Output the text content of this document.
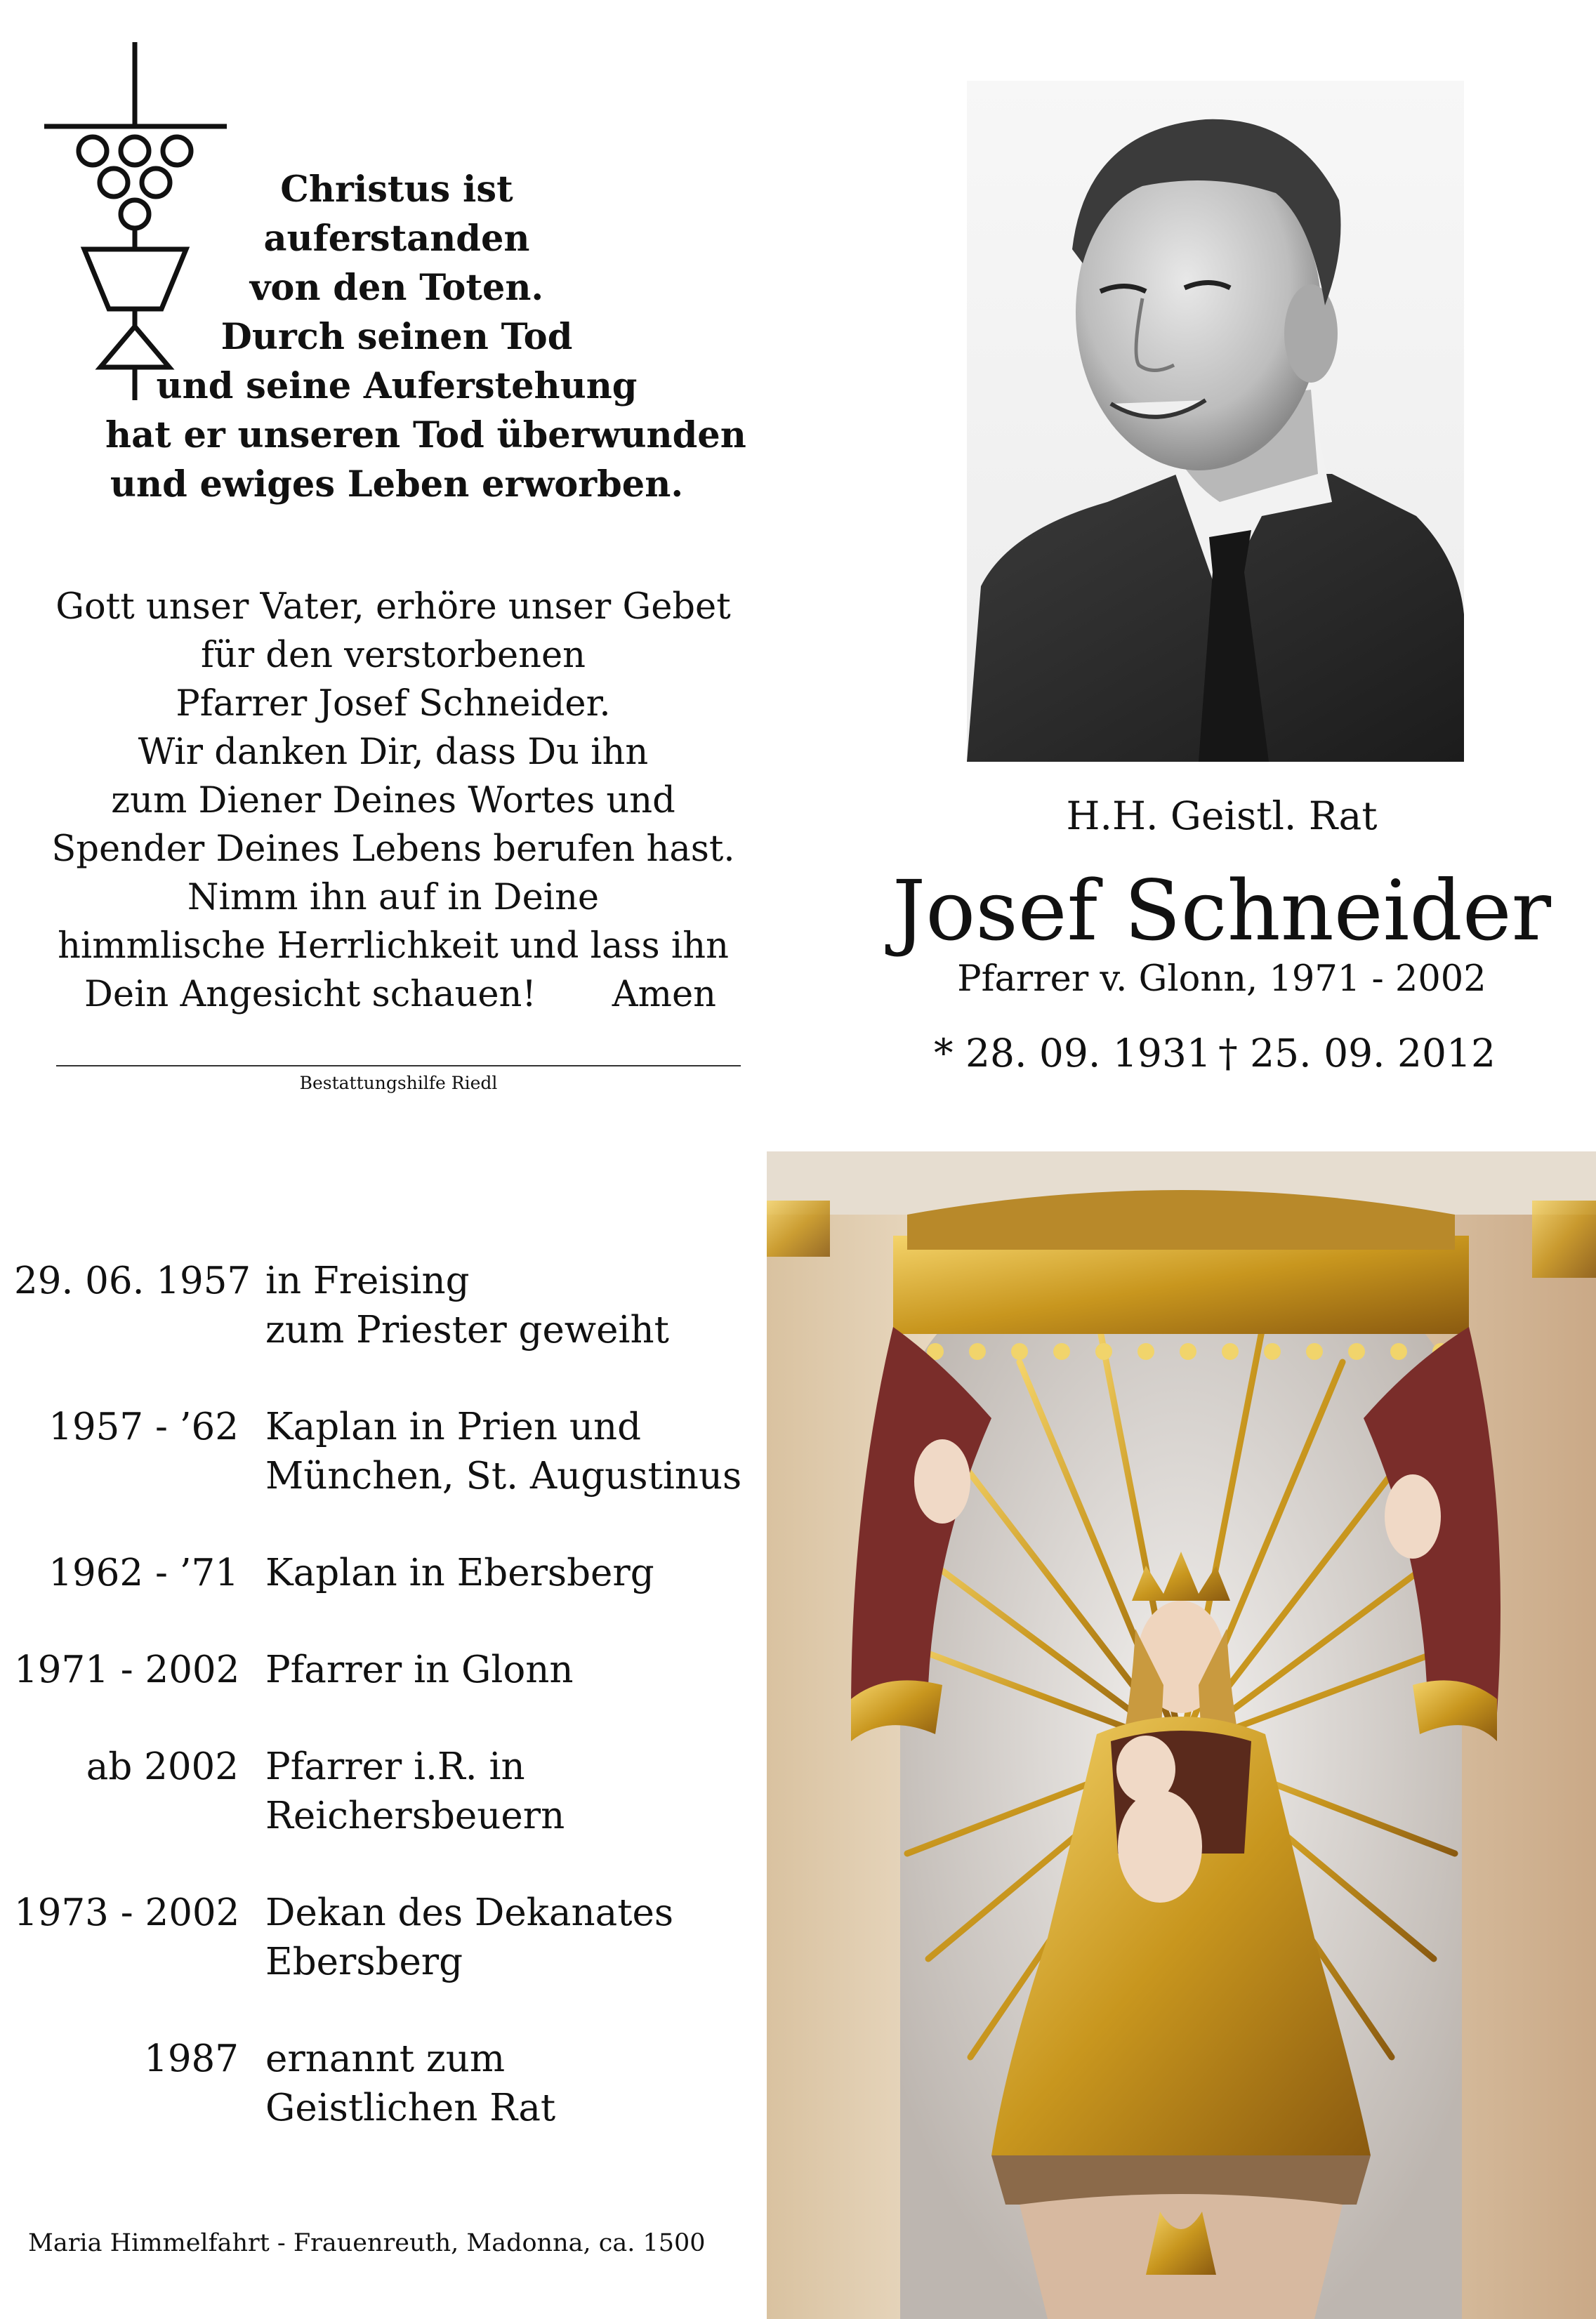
Christus ist
auferstanden
von den Toten.
Durch seinen Tod
und seine Auferstehung
hat er unseren Tod überwunden
und ewiges Leben erworben.
Gott unser Vater, erhöre unser Gebet
für den verstorbenen
Pfarrer Josef Schneider.
Wir danken Dir, dass Du ihn
zum Diener Deines Wortes und
Spender Deines Lebens berufen hast.
Nimm ihn auf in Deine
himmlische Herrlichkeit und lass ihn
Dein Angesicht schauen! Amen
Bestattungshilfe Riedl
H.H. Geistl. Rat
Josef Schneider
Pfarrer v. Glonn, 1971 - 2002
* 28. 09. 1931 † 25. 09. 2012
29. 06. 1957 in Freising
zum Priester geweiht
1957 - ’62 Kaplan in Prien und
München, St. Augustinus
1962 - ’71 Kaplan in Ebersberg
1971 - 2002 Pfarrer in Glonn
ab 2002 Pfarrer i.R. in
Reichersbeuern
1973 - 2002 Dekan des Dekanates
Ebersberg
1987 ernannt zum
Geistlichen Rat
Maria Himmelfahrt - Frauenreuth, Madonna, ca. 1500
